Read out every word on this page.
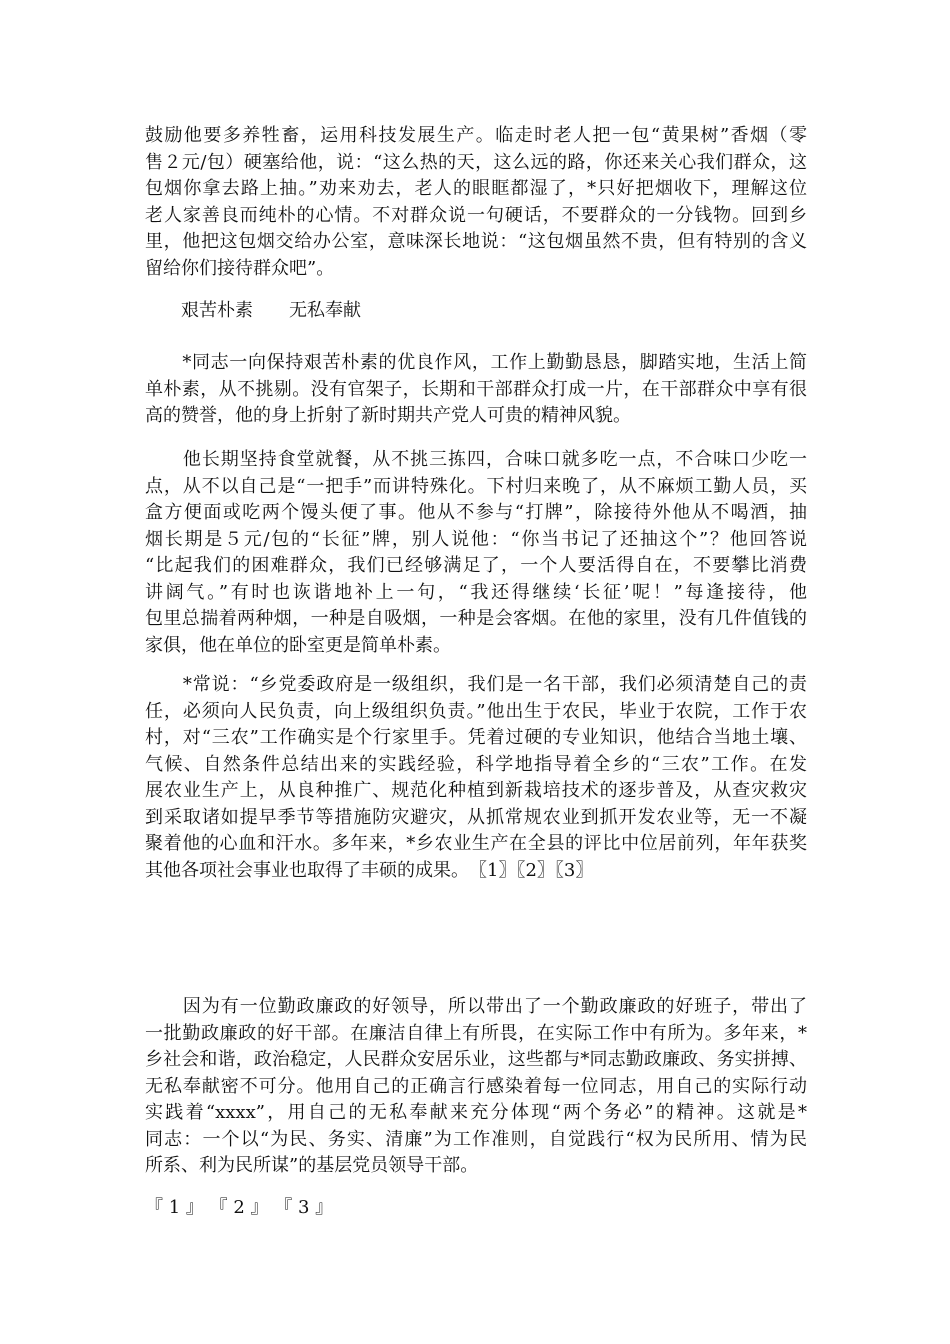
鼓励他要多养牲畜，运用科技发展生产。临走时老人把一包“黄果树”香烟（零
售２元/包）硬塞给他，说：“这么热的天，这么远的路，你还来关心我们群众，这
包烟你拿去路上抽。”劝来劝去，老人的眼眶都湿了，*只好把烟收下，理解这位
老人家善良而纯朴的心情。不对群众说一句硬话，不要群众的一分钱物。回到乡
里，他把这包烟交给办公室，意味深长地说：“这包烟虽然不贵，但有特别的含义
留给你们接待群众吧”。
艰苦朴素　　无私奉献
　　*同志一向保持艰苦朴素的优良作风，工作上勤勤恳恳，脚踏实地，生活上简
单朴素，从不挑剔。没有官架子，长期和干部群众打成一片，在干部群众中享有很
高的赞誉，他的身上折射了新时期共产党人可贵的精神风貌。
　　他长期坚持食堂就餐，从不挑三拣四，合味口就多吃一点，不合味口少吃一
点，从不以自己是“一把手”而讲特殊化。下村归来晚了，从不麻烦工勤人员，买
盒方便面或吃两个馒头便了事。他从不参与“打牌”，除接待外他从不喝酒，抽
烟长期是５元/包的“长征”牌，别人说他：“你当书记了还抽这个”？他回答说
“比起我们的困难群众，我们已经够满足了，一个人要活得自在，不要攀比消费
讲阔气。”有时也诙谐地补上一句，“我还得继续‘长征’呢！”每逢接待，他
包里总揣着两种烟，一种是自吸烟，一种是会客烟。在他的家里，没有几件值钱的
家俱，他在单位的卧室更是简单朴素。
　　*常说：“乡党委政府是一级组织，我们是一名干部，我们必须清楚自己的责
任，必须向人民负责，向上级组织负责。”他出生于农民，毕业于农院，工作于农
村，对“三农”工作确实是个行家里手。凭着过硬的专业知识，他结合当地土壤、
气候、自然条件总结出来的实践经验，科学地指导着全乡的“三农”工作。在发
展农业生产上，从良种推广、规范化种植到新栽培技术的逐步普及，从查灾救灾
到采取诸如提早季节等措施防灾避灾，从抓常规农业到抓开发农业等，无一不凝
聚着他的心血和汗水。多年来，*乡农业生产在全县的评比中位居前列，年年获奖
其他各项社会事业也取得了丰硕的成果。　 〖1〗〖2〗〖3〗
　　因为有一位勤政廉政的好领导，所以带出了一个勤政廉政的好班子，带出了
一批勤政廉政的好干部。在廉洁自律上有所畏，在实际工作中有所为。多年来，*
乡社会和谐，政治稳定，人民群众安居乐业，这些都与*同志勤政廉政、务实拼搏、
无私奉献密不可分。他用自己的正确言行感染着每一位同志，用自己的实际行动
实践着“xxxx”，用自己的无私奉献来充分体现“两个务必”的精神。这就是*
同志：一个以“为民、务实、清廉”为工作准则，自觉践行“权为民所用、情为民
所系、利为民所谋”的基层党员领导干部。
『 1 』 『 2 』 『 3 』
